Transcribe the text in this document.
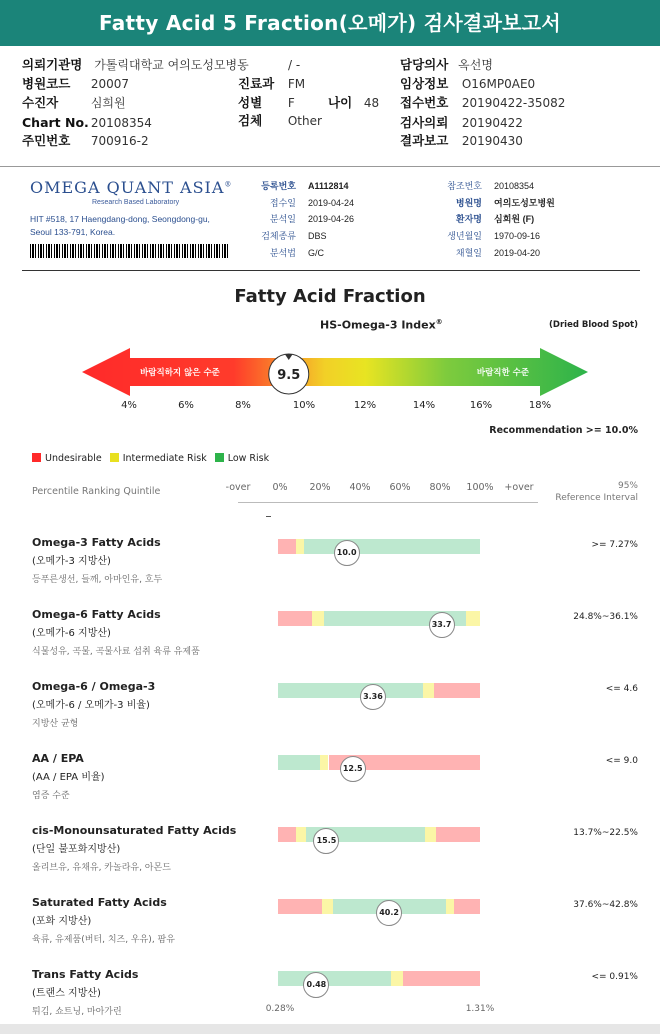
Fatty Acid 5 Fraction(오메가) 검사결과보고서
의뢰기관명 가톨릭대학교 여의도성모병동	/ -	담당의사 옥선명
병원코드 20007	진료과 FM	임상정보 O16MP0AE0
수진자	심희원	성별 F	나이 48 접수번호 20190422-35082
Chart No. 20108354	검체 Other	검사의뢰 20190422
주민번호 700916-2	결과보고 20190430
OMEGA QUANT ASIA®
Research Based Laboratory
HIT #518, 17 Haengdang-dong, Seongdong-gu, Seoul 133-791, Korea.
등록번호 A1112814
접수일 2019-04-24
분석일 2019-04-26
검체종류 DBS
분석법 G/C
참조번호 20108354
병원명 여의도성모병원
환자명 심희원 (F)
생년월일 1970-09-16
채혈일 2019-04-20
Fatty Acid Fraction
HS-Omega-3 Index®	(Dried Blood Spot)
바람직하지 않은 수준	바람직한 수준
9.5
4%	6%	8%	10%	12%	14%	16%	18%
Recommendation >= 10.0%
Undesirable	Intermediate Risk	Low Risk
Percentile Ranking Quintile	-over 0% 20% 40% 60% 80% 100% +over	95%
Reference Interval
Omega-3 Fatty Acids
(오메가-3 지방산)
등푸른생선, 들깨, 아마인유, 호두
10.0
>= 7.27%
Omega-6 Fatty Acids
(오메가-6 지방산)
식물성유, 곡물, 곡물사료 섭취 육류 유제품
33.7
24.8%~36.1%
Omega-6 / Omega-3
(오메가-6 / 오메가-3 비율)
지방산 균형
3.36
<= 4.6
AA / EPA
(AA / EPA 비율)
염증 수준
12.5
<= 9.0
cis-Monounsaturated Fatty Acids
(단일 불포화지방산)
올리브유, 유채유, 카놀라유, 아몬드
15.5
13.7%~22.5%
Saturated Fatty Acids
(포화 지방산)
육류, 유제품(버터, 치즈, 우유), 팜유
40.2
37.6%~42.8%
Trans Fatty Acids
(트랜스 지방산)
튀김, 쇼트닝, 마아가린
0.48
<= 0.91%
0.28%	1.31%
